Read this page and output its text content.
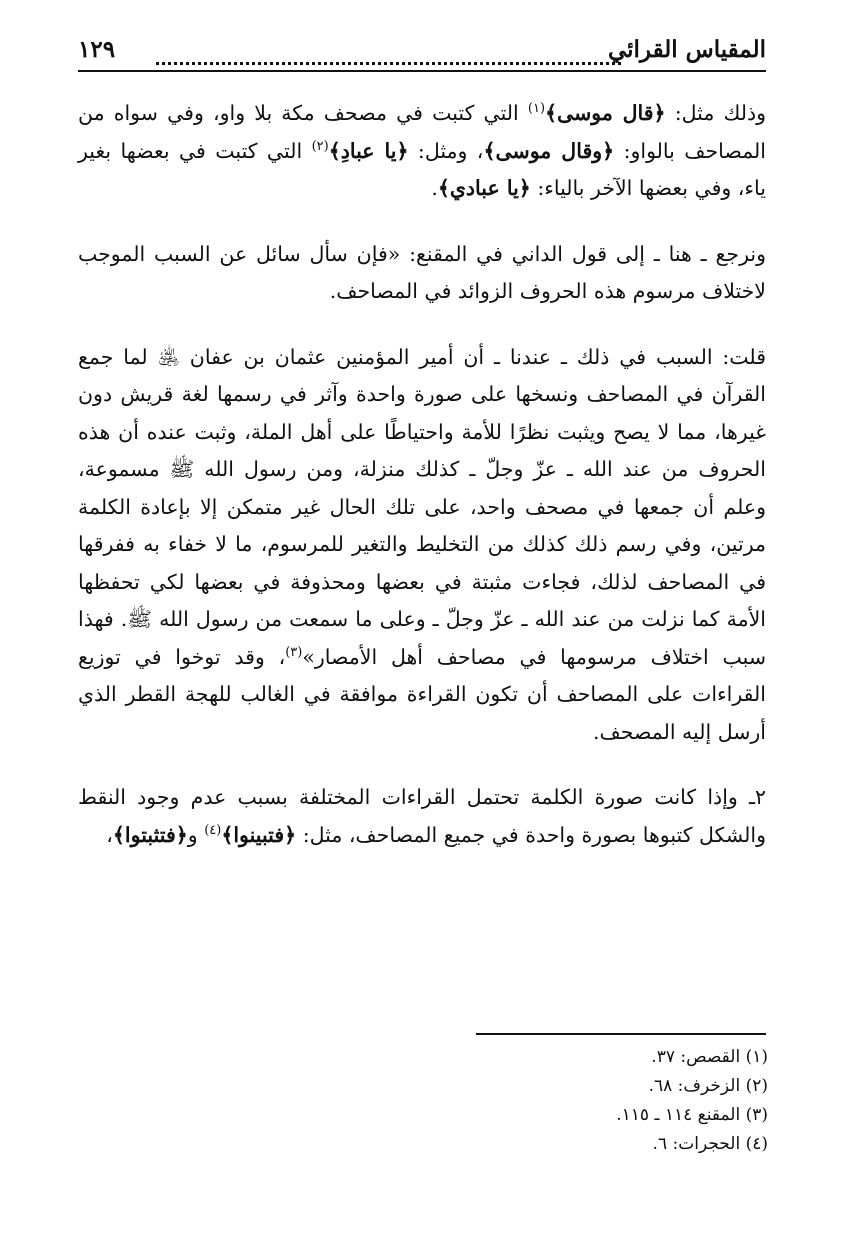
المقياس القرائي
١٢٩

وذلك مثل: ﴿قال موسى﴾$^{(١)}$ التي كتبت في مصحف مكة بلا واو، وفي سواه من المصاحف بالواو: ﴿وقال موسى﴾، ومثل: ﴿يا عبادِ﴾$^{(٢)}$ التي كتبت في بعضها بغير ياء، وفي بعضها الآخر بالياء: ﴿يا عبادي﴾.

ونرجع ـ هنا ـ إلى قول الداني في المقنع: «فإن سأل سائل عن السبب الموجب لاختلاف مرسوم هذه الحروف الزوائد في المصاحف.

قلت: السبب في ذلك ـ عندنا ـ أن أمير المؤمنين عثمان بن عفان ﵁ لما جمع القرآن في المصاحف ونسخها على صورة واحدة وآثر في رسمها لغة قريش دون غيرها، مما لا يصح ويثبت نظرًا للأمة واحتياطًا على أهل الملة، وثبت عنده أن هذه الحروف من عند الله ـ عزّ وجلّ ـ كذلك منزلة، ومن رسول الله ﷺ مسموعة، وعلم أن جمعها في مصحف واحد، على تلك الحال غير متمكن إلا بإعادة الكلمة مرتين، وفي رسم ذلك كذلك من التخليط والتغير للمرسوم، ما لا خفاء به ففرقها في المصاحف لذلك، فجاءت مثبتة في بعضها ومحذوفة في بعضها لكي تحفظها الأمة كما نزلت من عند الله ـ عزّ وجلّ ـ وعلى ما سمعت من رسول الله ﷺ. فهذا سبب اختلاف مرسومها في مصاحف أهل الأمصار»$^{(٣)}$، وقد توخوا في توزيع القراءات على المصاحف أن تكون القراءة موافقة في الغالب للهجة القطر الذي أرسل إليه المصحف.

٢ـ وإذا كانت صورة الكلمة تحتمل القراءات المختلفة بسبب عدم وجود النقط والشكل كتبوها بصورة واحدة في جميع المصاحف، مثل: ﴿فتبينوا﴾$^{(٤)}$ و﴿فتثبتوا﴾،

(١) القصص: ٣٧.
(٢) الزخرف: ٦٨.
(٣) المقنع ١١٤ ـ ١١٥.
(٤) الحجرات: ٦.
